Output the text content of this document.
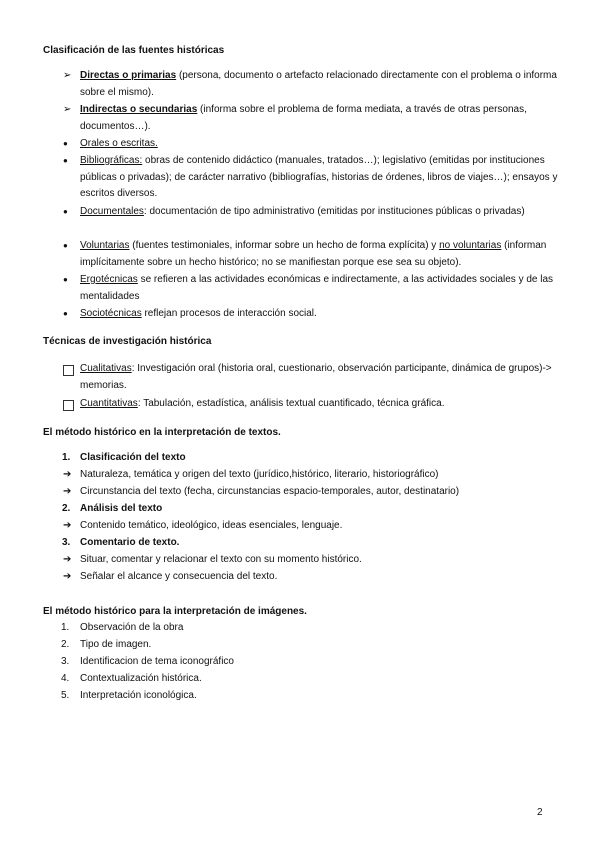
Clasificación de las fuentes históricas
➢ Directas o primarias (persona, documento o artefacto relacionado directamente con el problema o informa sobre el mismo).
➢ Indirectas o secundarias (informa sobre el problema de forma mediata, a través de otras personas, documentos…).
● Orales o escritas.
● Bibliográficas: obras de contenido didáctico (manuales, tratados…); legislativo (emitidas por instituciones públicas o privadas); de carácter narrativo (bibliografías, historias de órdenes, libros de viajes…); ensayos y escritos diversos.
● Documentales: documentación de tipo administrativo (emitidas por instituciones públicas o privadas)
● Voluntarias (fuentes testimoniales, informar sobre un hecho de forma explícita) y no voluntarias (informan implícitamente sobre un hecho histórico; no se manifiestan porque ese sea su objeto).
● Ergotécnicas se refieren a las actividades económicas e indirectamente, a las actividades sociales y de las mentalidades
● Sociotécnicas reflejan procesos de interacción social.
Técnicas de investigación histórica
Cualitativas: Investigación oral (historia oral, cuestionario, observación participante, dinámica de grupos)-> memorias.
Cuantitativas: Tabulación, estadística, análisis textual cuantificado, técnica gráfica.
El método histórico en la interpretación de textos.
1. Clasificación del texto
➔ Naturaleza, temática y origen del texto (jurídico,histórico, literario, historiográfico)
➔ Circunstancia del texto (fecha, circunstancias espacio-temporales, autor, destinatario)
2. Análisis del texto
➔ Contenido temático, ideológico, ideas esenciales, lenguaje.
3. Comentario de texto.
➔ Situar, comentar y relacionar el texto con su momento histórico.
➔ Señalar el alcance y consecuencia del texto.
El método histórico para la interpretación de imágenes.
1. Observación de la obra
2. Tipo de imagen.
3. Identificacion de tema iconográfico
4. Contextualización histórica.
5. Interpretación iconológica.
2
